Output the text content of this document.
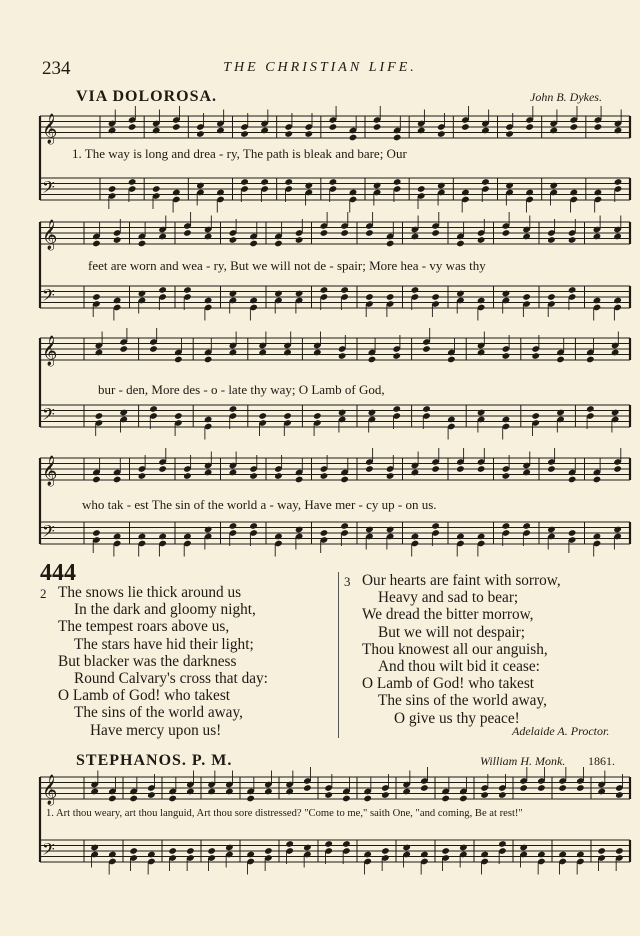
234	THE CHRISTIAN LIFE.
VIA DOLOROSA.	John B. Dykes.
𝄞
𝄢
𝄞
𝄢
𝄞
𝄢
𝄞
𝄢
𝄞
𝄢
1. The way is long and drea - ry, The path is bleak and bare; Our
feet are worn and wea - ry, But we will not de - spair; More hea - vy was thy
bur - den, More des - o - late thy way; O Lamb of God,
who tak - est The sin of the world a - way, Have mer - cy up - on us.
444
2 The snows lie thick around us
In the dark and gloomy night,
The tempest roars above us,
The stars have hid their light;
But blacker was the darkness
Round Calvary's cross that day:
O Lamb of God! who takest
The sins of the world away,
Have mercy upon us!
3 Our hearts are faint with sorrow,
Heavy and sad to bear;
We dread the bitter morrow,
But we will not despair;
Thou knowest all our anguish,
And thou wilt bid it cease:
O Lamb of God! who takest
The sins of the world away,
O give us thy peace!
Adelaide A. Proctor.
STEPHANOS. P. M.	William H. Monk. 1861.
1. Art thou weary, art thou languid, Art thou sore distressed? "Come to me," saith One, "and coming, Be at rest!"
